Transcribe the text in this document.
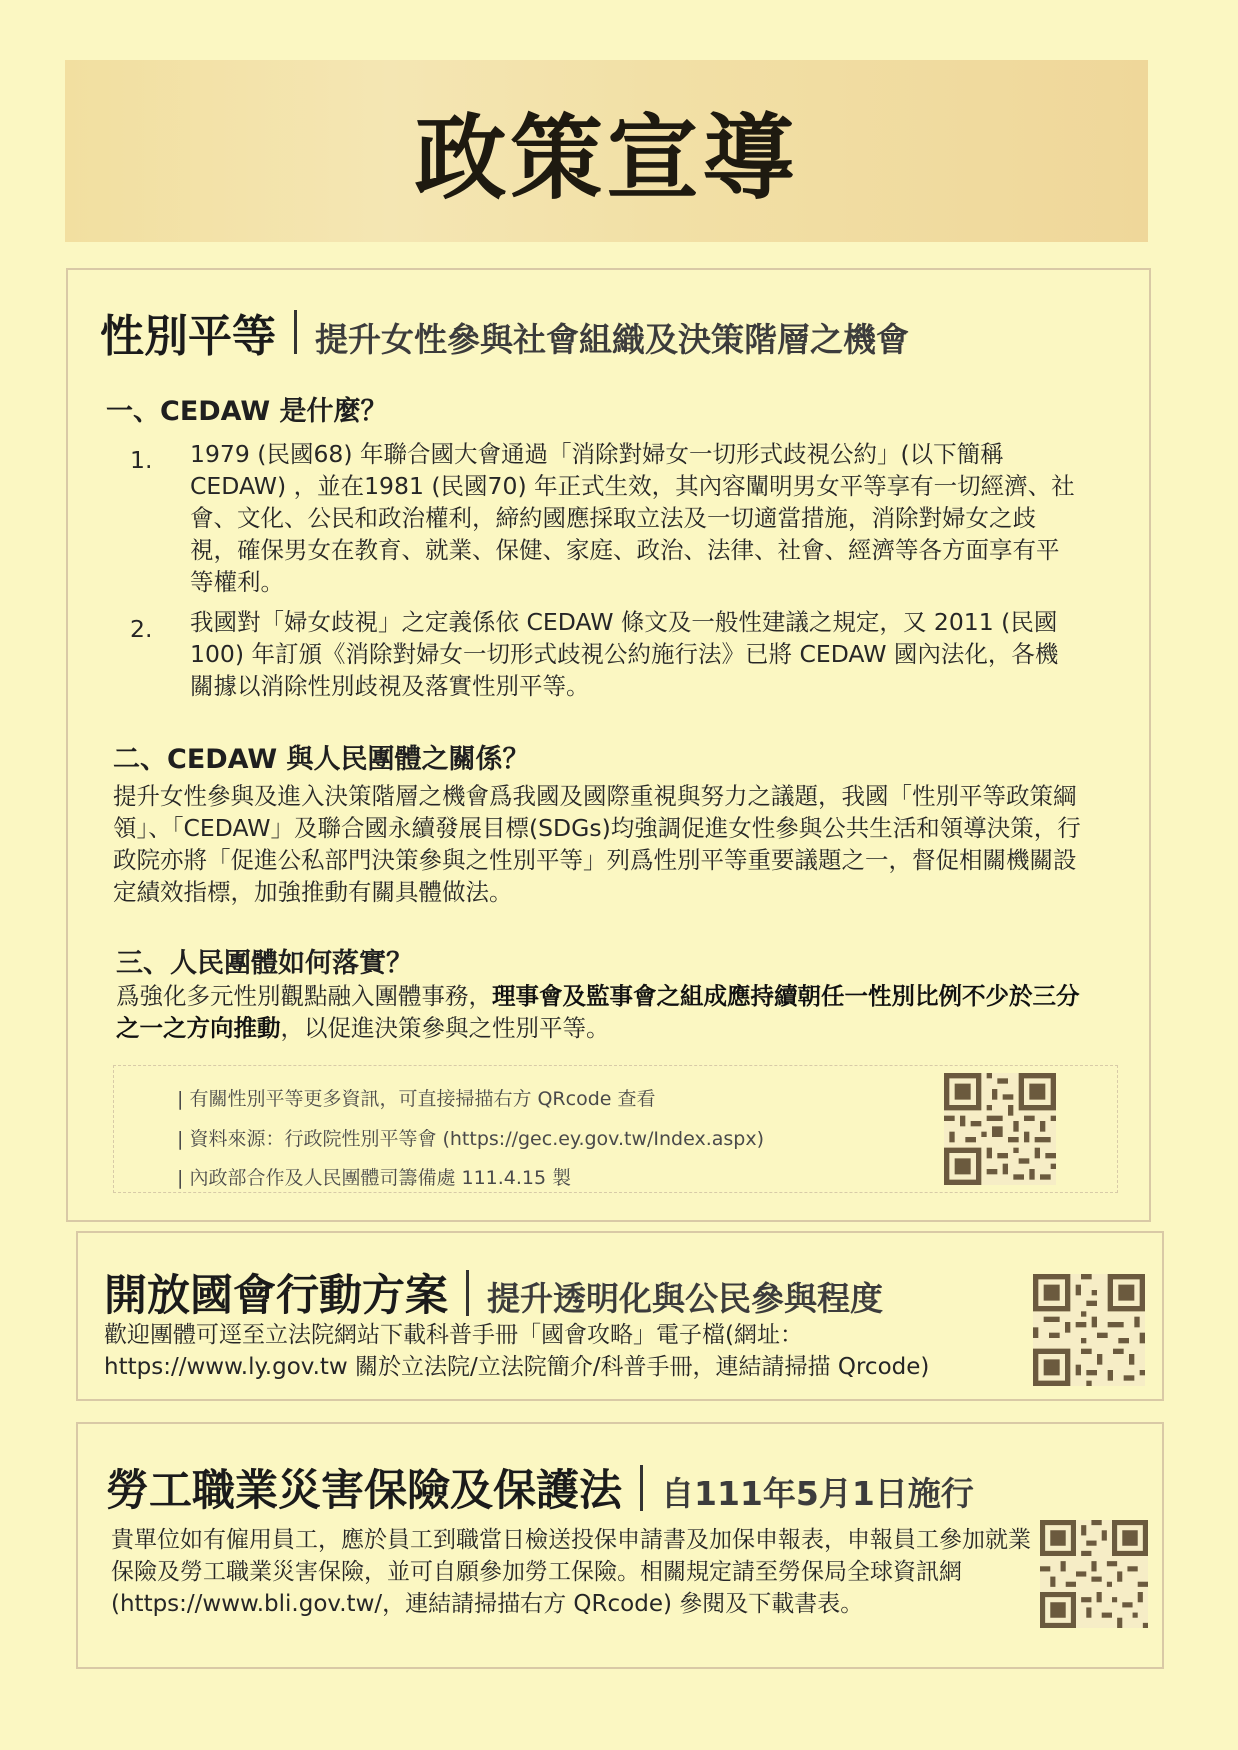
政策宣導
性別平等 提升女性參與社會組織及決策階層之機會
一、CEDAW 是什麼？
1. 1979 (民國68) 年聯合國大會通過「消除對婦女一切形式歧視公約」(以下簡稱 CEDAW) ，並在1981 (民國70) 年正式生效，其內容闡明男女平等享有一切經濟、社會、文化、公民和政治權利，締約國應採取立法及一切適當措施，消除對婦女之歧視，確保男女在教育、就業、保健、家庭、政治、法律、社會、經濟等各方面享有平等權利。
2. 我國對「婦女歧視」之定義係依 CEDAW 條文及一般性建議之規定，又 2011 (民國100) 年訂頒《消除對婦女一切形式歧視公約施行法》已將 CEDAW 國內法化，各機關據以消除性別歧視及落實性別平等。
二、CEDAW 與人民團體之關係？
提升女性參與及進入決策階層之機會爲我國及國際重視與努力之議題，我國「性別平等政策綱領」、「CEDAW」及聯合國永續發展目標(SDGs)均強調促進女性參與公共生活和領導決策，行政院亦將「促進公私部門決策參與之性別平等」列爲性別平等重要議題之一，督促相關機關設定績效指標，加強推動有關具體做法。
三、人民團體如何落實？
爲強化多元性別觀點融入團體事務，理事會及監事會之組成應持續朝任一性別比例不少於三分之一之方向推動，以促進決策參與之性別平等。
| 有關性別平等更多資訊，可直接掃描右方 QRcode 查看
| 資料來源：行政院性別平等會 (https://gec.ey.gov.tw/Index.aspx)
| 內政部合作及人民團體司籌備處 111.4.15 製
開放國會行動方案 提升透明化與公民參與程度
歡迎團體可逕至立法院網站下載科普手冊「國會攻略」電子檔(網址：https://www.ly.gov.tw 關於立法院/立法院簡介/科普手冊，連結請掃描 Qrcode)
勞工職業災害保險及保護法 自111年5月1日施行
貴單位如有僱用員工，應於員工到職當日檢送投保申請書及加保申報表，申報員工參加就業保險及勞工職業災害保險，並可自願參加勞工保險。相關規定請至勞保局全球資訊網 (https://www.bli.gov.tw/，連結請掃描右方 QRcode) 參閱及下載書表。
